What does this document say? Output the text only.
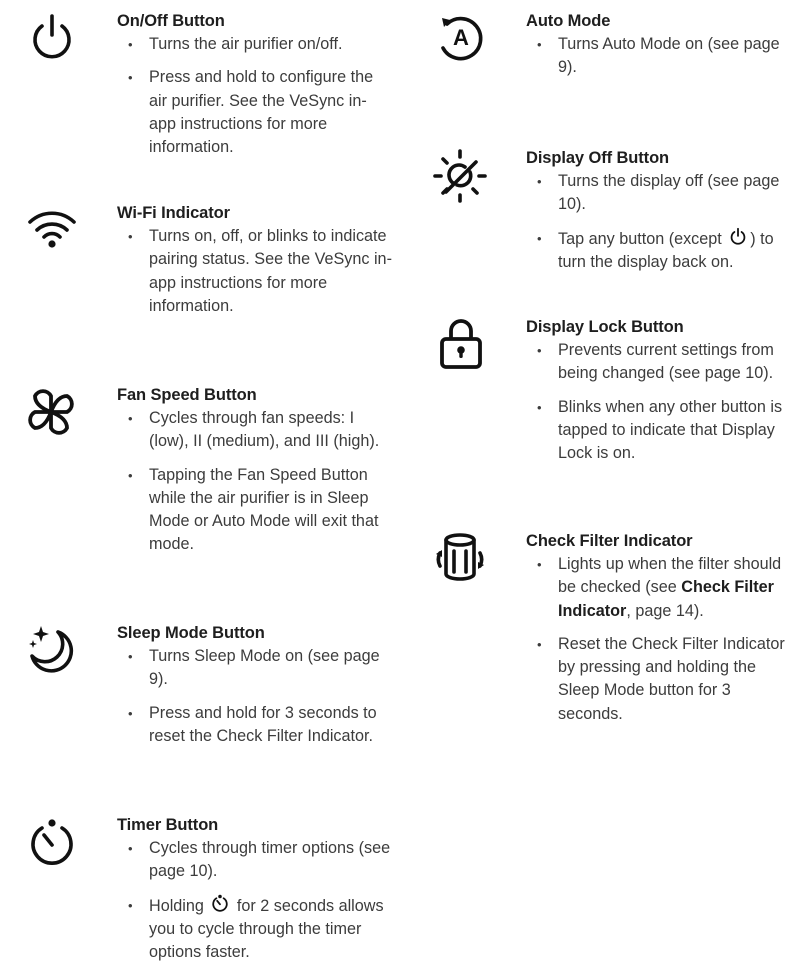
On/Off Button
• Turns the air purifier on/off.
• Press and hold to configure the air purifier. See the VeSync in-app instructions for more information.
Wi-Fi Indicator
• Turns on, off, or blinks to indicate pairing status. See the VeSync in-app instructions for more information.
Fan Speed Button
• Cycles through fan speeds: I (low), II (medium), and III (high).
• Tapping the Fan Speed Button while the air purifier is in Sleep Mode or Auto Mode will exit that mode.
Sleep Mode Button
• Turns Sleep Mode on (see page 9).
• Press and hold for 3 seconds to reset the Check Filter Indicator.
Timer Button
• Cycles through timer options (see page 10).
• Holding for 2 seconds allows you to cycle through the timer options faster.
A
Auto Mode
• Turns Auto Mode on (see page 9).
Display Off Button
• Turns the display off (see page 10).
• Tap any button (except ) to turn the display back on.
Display Lock Button
• Prevents current settings from being changed (see page 10).
• Blinks when any other button is tapped to indicate that Display Lock is on.
Check Filter Indicator
• Lights up when the filter should be checked (see Check Filter Indicator, page 14).
• Reset the Check Filter Indicator by pressing and holding the Sleep Mode button for 3 seconds.
